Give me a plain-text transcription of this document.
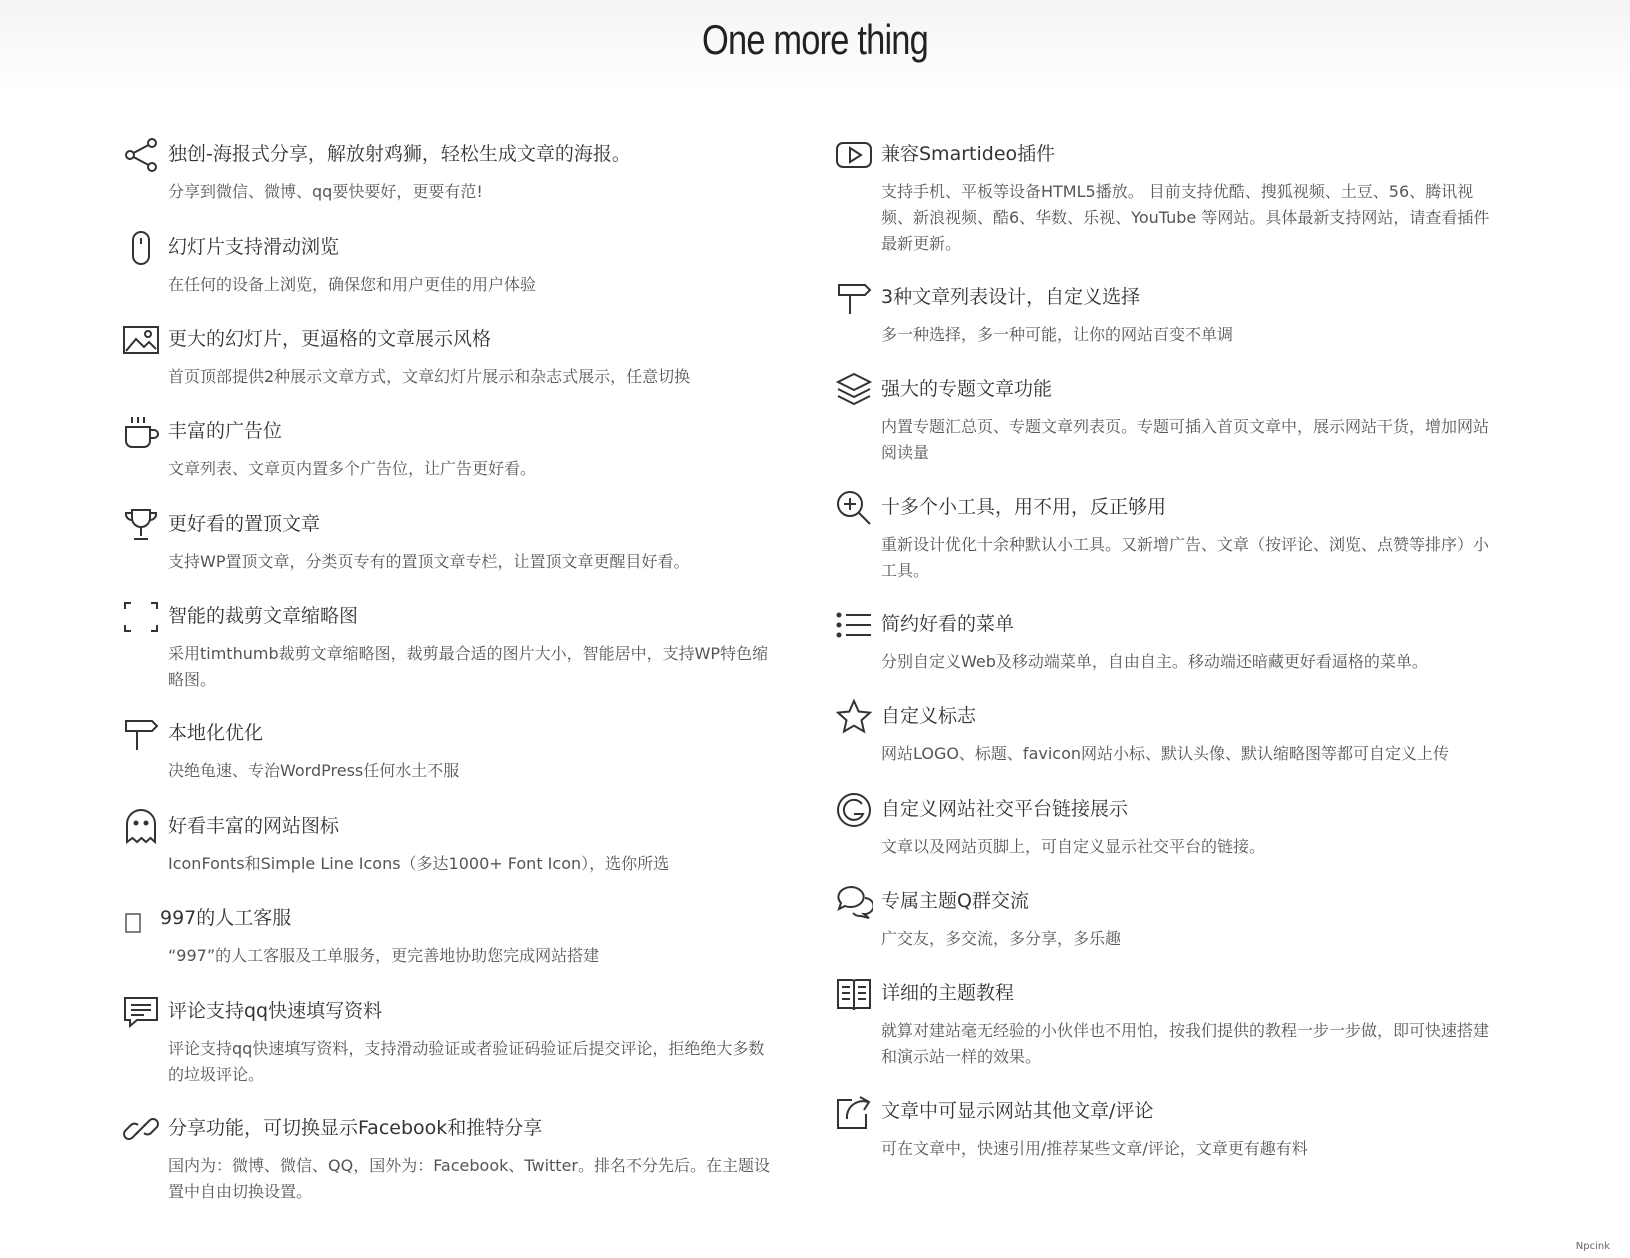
One more thing
独创-海报式分享，解放射鸡狮，轻松生成文章的海报。
分享到微信、微博、qq要快要好，更要有范!
幻灯片支持滑动浏览
在任何的设备上浏览，确保您和用户更佳的用户体验
更大的幻灯片，更逼格的文章展示风格
首页顶部提供2种展示文章方式，文章幻灯片展示和杂志式展示，任意切换
丰富的广告位
文章列表、文章页内置多个广告位，让广告更好看。
更好看的置顶文章
支持WP置顶文章，分类页专有的置顶文章专栏，让置顶文章更醒目好看。
智能的裁剪文章缩略图
采用timthumb裁剪文章缩略图，裁剪最合适的图片大小，智能居中，支持WP特色缩略图。
本地化优化
决绝龟速、专治WordPress任何水土不服
好看丰富的网站图标
IconFonts和Simple Line Icons（多达1000+ Font Icon），选你所选
997的人工客服
“997”的人工客服及工单服务，更完善地协助您完成网站搭建
评论支持qq快速填写资料
评论支持qq快速填写资料，支持滑动验证或者验证码验证后提交评论，拒绝绝大多数的垃圾评论。
分享功能，可切换显示Facebook和推特分享
国内为：微博、微信、QQ，国外为：Facebook、Twitter。排名不分先后。在主题设置中自由切换设置。
兼容Smartideo插件
支持手机、平板等设备HTML5播放。 目前支持优酷、搜狐视频、土豆、56、腾讯视频、新浪视频、酷6、华数、乐视、YouTube 等网站。具体最新支持网站，请查看插件最新更新。
3种文章列表设计，自定义选择
多一种选择，多一种可能，让你的网站百变不单调
强大的专题文章功能
内置专题汇总页、专题文章列表页。专题可插入首页文章中，展示网站干货，增加网站阅读量
十多个小工具，用不用，反正够用
重新设计优化十余种默认小工具。又新增广告、文章（按评论、浏览、点赞等排序）小工具。
简约好看的菜单
分别自定义Web及移动端菜单，自由自主。移动端还暗藏更好看逼格的菜单。
自定义标志
网站LOGO、标题、favicon网站小标、默认头像、默认缩略图等都可自定义上传
自定义网站社交平台链接展示
文章以及网站页脚上，可自定义显示社交平台的链接。
专属主题Q群交流
广交友，多交流，多分享，多乐趣
详细的主题教程
就算对建站毫无经验的小伙伴也不用怕，按我们提供的教程一步一步做，即可快速搭建和演示站一样的效果。
文章中可显示网站其他文章/评论
可在文章中，快速引用/推荐某些文章/评论，文章更有趣有料
Npcink
